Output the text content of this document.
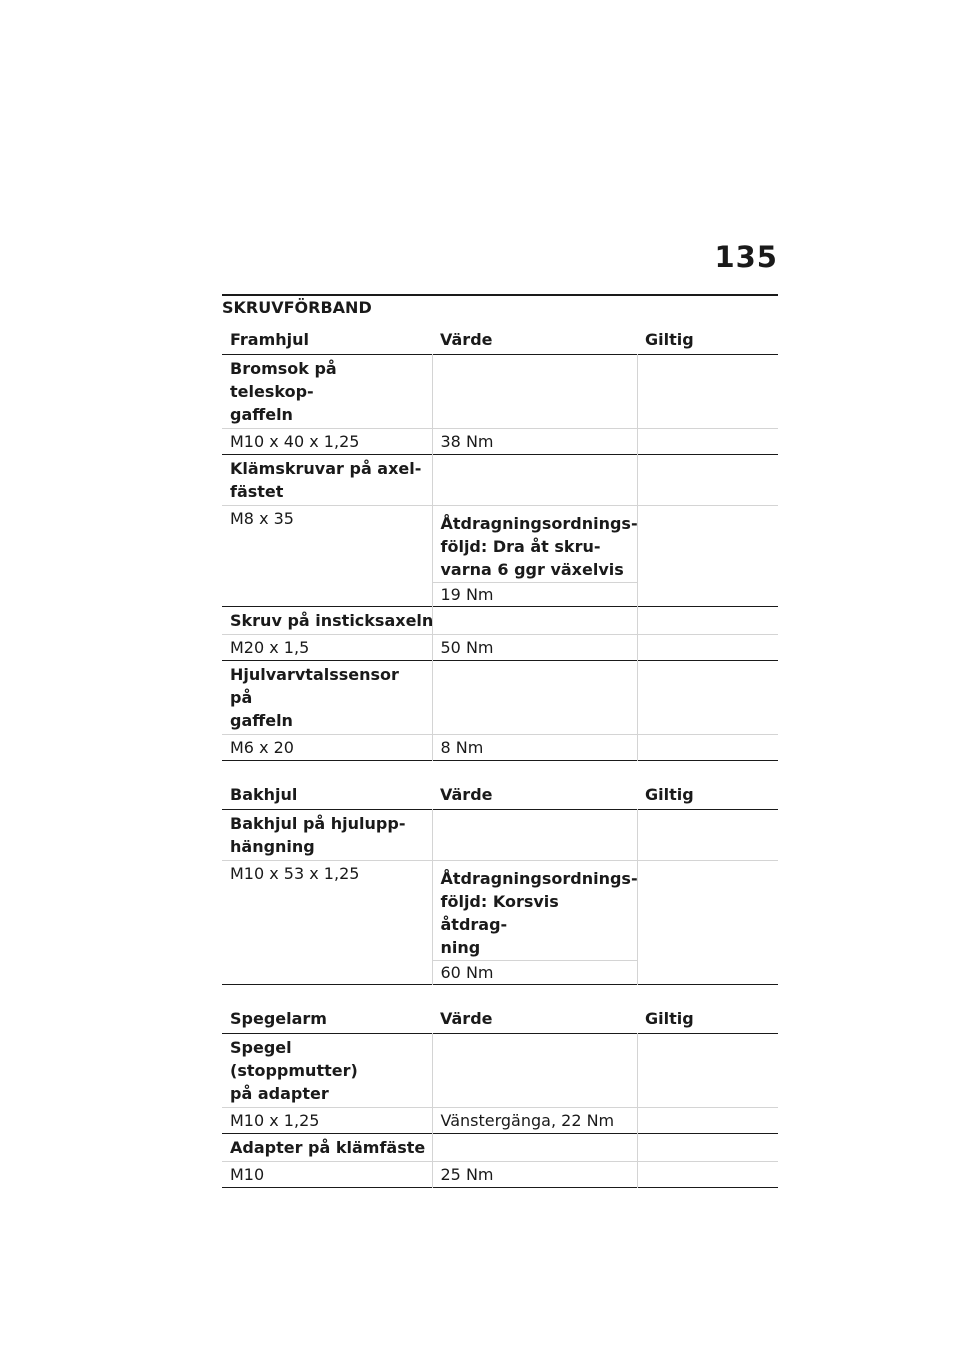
135
SKRUVFÖRBAND
Framhjul	Värde	Giltig
Bromsok på teleskop-
gaffeln		
M10 x 40 x 1,25	38 Nm	
Klämskruvar på axel-
fästet		
M8 x 35	Åtdragningsordnings-
följd: Dra åt skru-
varna 6 ggr växelvis	
	19 Nm	
Skruv på insticksaxeln		
M20 x 1,5	50 Nm	
Hjulvarvtalssensor på
gaffeln		
M6 x 20	8 Nm	
Bakhjul	Värde	Giltig
Bakhjul på hjulupp-
hängning		
M10 x 53 x 1,25	Åtdragningsordnings-
följd: Korsvis åtdrag-
ning	
	60 Nm	
Spegelarm	Värde	Giltig
Spegel (stoppmutter)
på adapter		
M10 x 1,25	Vänstergänga, 22 Nm	
Adapter på klämfäste		
M10	25 Nm	
